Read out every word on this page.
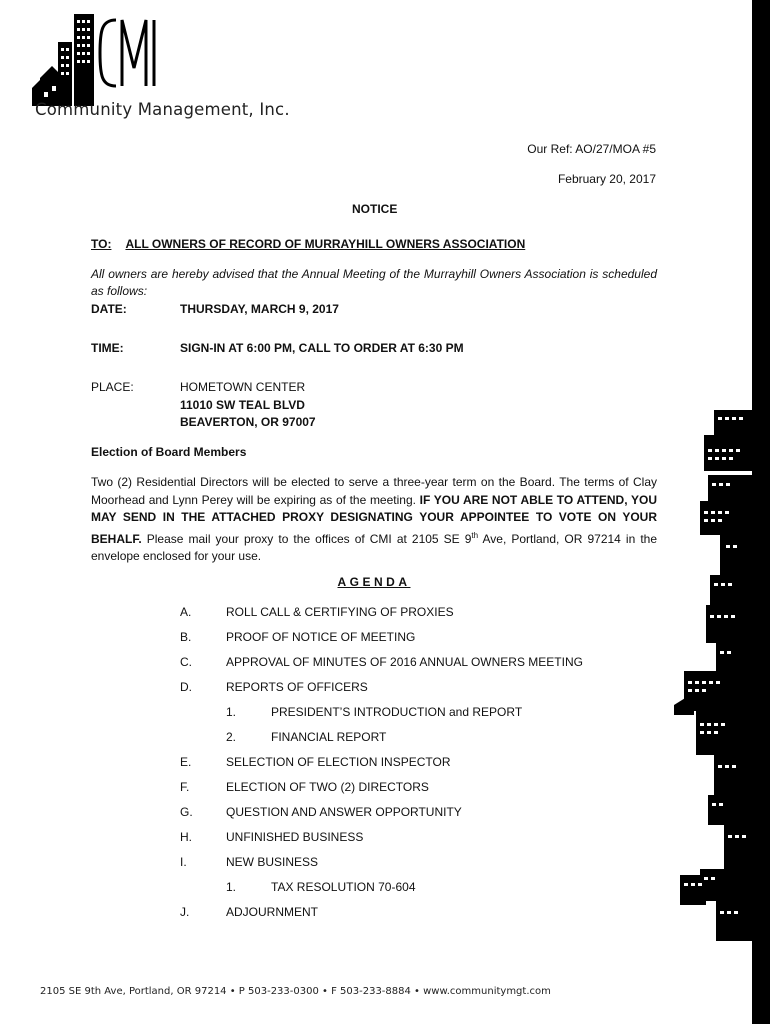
Community Management, Inc.
Our Ref: AO/27/MOA #5
February 20, 2017
NOTICE
TO: ALL OWNERS OF RECORD OF MURRAYHILL OWNERS ASSOCIATION
All owners are hereby advised that the Annual Meeting of the Murrayhill Owners Association is scheduled as follows:
DATE:	THURSDAY, MARCH 9, 2017
TIME:	SIGN-IN AT 6:00 PM, CALL TO ORDER AT 6:30 PM
PLACE:	HOMETOWN CENTER
11010 SW TEAL BLVD
BEAVERTON, OR 97007
Election of Board Members
Two (2) Residential Directors will be elected to serve a three-year term on the Board. The terms of Clay Moorhead and Lynn Perey will be expiring as of the meeting. IF YOU ARE NOT ABLE TO ATTEND, YOU MAY SEND IN THE ATTACHED PROXY DESIGNATING YOUR APPOINTEE TO VOTE ON YOUR BEHALF. Please mail your proxy to the offices of CMI at 2105 SE 9th Ave, Portland, OR 97214 in the envelope enclosed for your use.
AGENDA
A.	ROLL CALL & CERTIFYING OF PROXIES
B.	PROOF OF NOTICE OF MEETING
C.	APPROVAL OF MINUTES OF 2016 ANNUAL OWNERS MEETING
D.	REPORTS OF OFFICERS
1.	PRESIDENT’S INTRODUCTION and REPORT
2.	FINANCIAL REPORT
E.	SELECTION OF ELECTION INSPECTOR
F.	ELECTION OF TWO (2) DIRECTORS
G.	QUESTION AND ANSWER OPPORTUNITY
H.	UNFINISHED BUSINESS
I.	NEW BUSINESS
1.	TAX RESOLUTION 70-604
J.	ADJOURNMENT
2105 SE 9th Ave, Portland, OR 97214 • P 503-233-0300 • F 503-233-8884 • www.communitymgt.com
